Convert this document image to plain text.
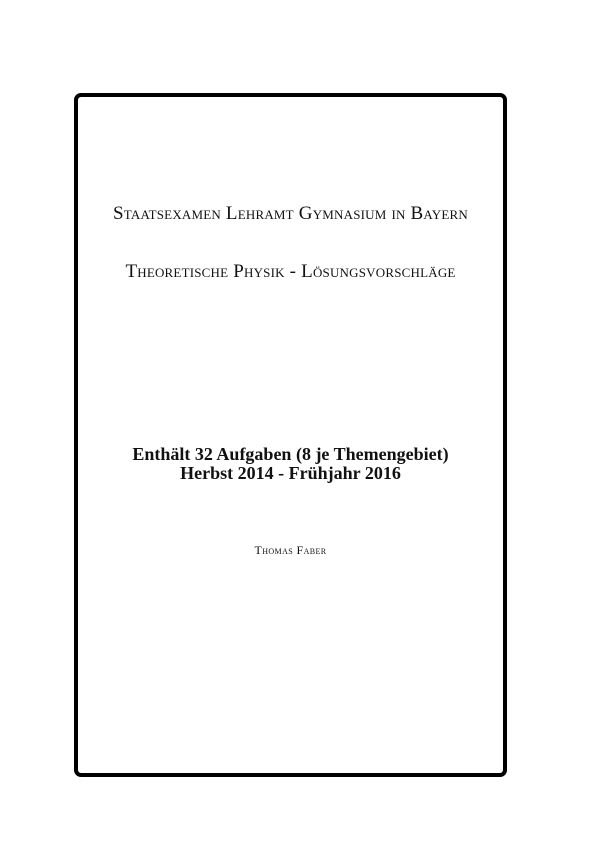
Staatsexamen Lehramt Gymnasium in Bayern
Theoretische Physik - Lösungsvorschläge
Enthält 32 Aufgaben (8 je Themengebiet)
Herbst 2014 - Frühjahr 2016
Thomas Faber
